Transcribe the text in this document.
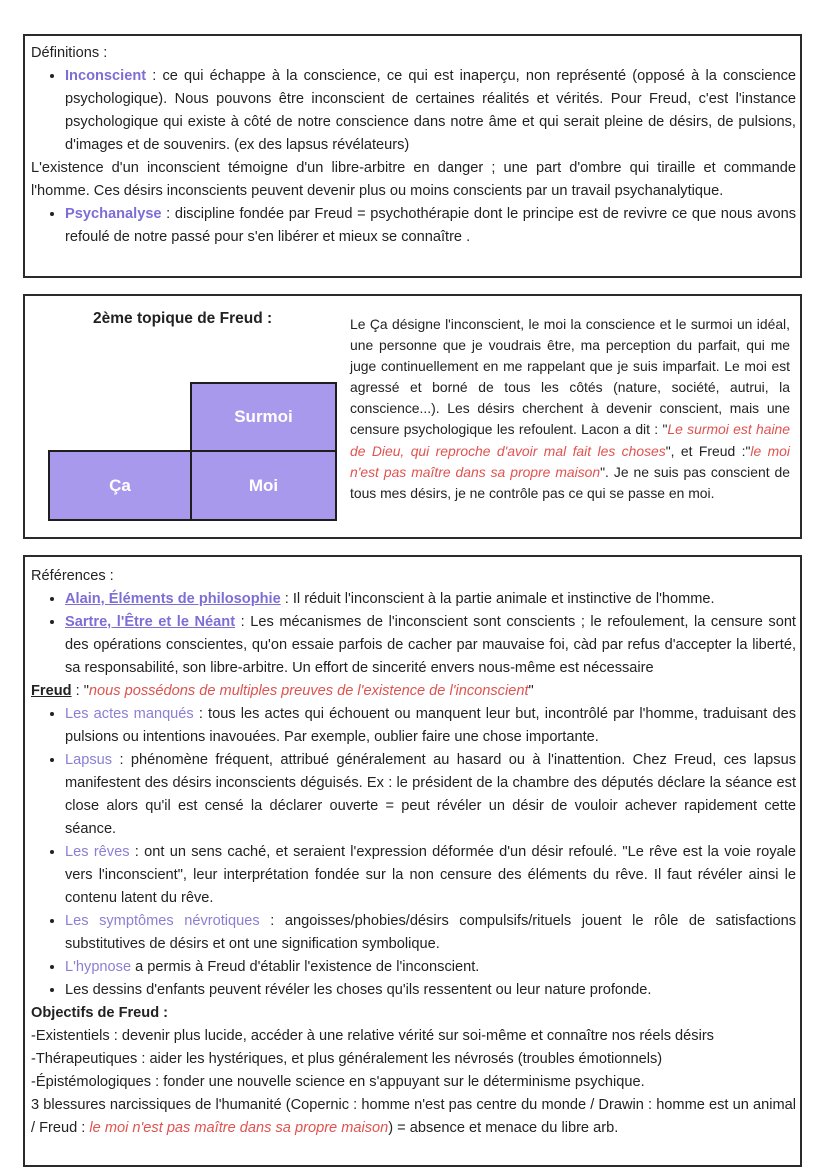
Définitions :
• Inconscient : ce qui échappe à la conscience, ce qui est inaperçu, non représenté (opposé à la conscience psychologique). Nous pouvons être inconscient de certaines réalités et vérités. Pour Freud, c'est l'instance psychologique qui existe à côté de notre conscience dans notre âme et qui serait pleine de désirs, de pulsions, d'images et de souvenirs. (ex des lapsus révélateurs)
L'existence d'un inconscient témoigne d'un libre-arbitre en danger ; une part d'ombre qui tiraille et commande l'homme. Ces désirs inconscients peuvent devenir plus ou moins conscients par un travail psychanalytique.
• Psychanalyse : discipline fondée par Freud = psychothérapie dont le principe est de revivre ce que nous avons refoulé de notre passé pour s'en libérer et mieux se connaître .
2ème topique de Freud :
Surmoi
Ça	Moi
Le Ça désigne l'inconscient, le moi la conscience et le surmoi un idéal, une personne que je voudrais être, ma perception du parfait, qui me juge continuellement en me rappelant que je suis imparfait. Le moi est agressé et borné de tous les côtés (nature, société, autrui, la conscience...). Les désirs cherchent à devenir conscient, mais une censure psychologique les refoulent. Lacon a dit : "Le surmoi est haine de Dieu, qui reproche d'avoir mal fait les choses", et Freud :"le moi n'est pas maître dans sa propre maison". Je ne suis pas conscient de tous mes désirs, je ne contrôle pas ce qui se passe en moi.
Références :
• Alain, Éléments de philosophie : Il réduit l'inconscient à la partie animale et instinctive de l'homme.
• Sartre, l'Être et le Néant : Les mécanismes de l'inconscient sont conscients ; le refoulement, la censure sont des opérations conscientes, qu'on essaie parfois de cacher par mauvaise foi, càd par refus d'accepter la liberté, sa responsabilité, son libre-arbitre. Un effort de sincerité envers nous-même est nécessaire
Freud : "nous possédons de multiples preuves de l'existence de l'inconscient"
• Les actes manqués : tous les actes qui échouent ou manquent leur but, incontrôlé par l'homme, traduisant des pulsions ou intentions inavouées. Par exemple, oublier faire une chose importante.
• Lapsus : phénomène fréquent, attribué généralement au hasard ou à l'inattention. Chez Freud, ces lapsus manifestent des désirs inconscients déguisés. Ex : le président de la chambre des députés déclare la séance est close alors qu'il est censé la déclarer ouverte = peut révéler un désir de vouloir achever rapidement cette séance.
• Les rêves : ont un sens caché, et seraient l'expression déformée d'un désir refoulé. "Le rêve est la voie royale vers l'inconscient", leur interprétation fondée sur la non censure des éléments du rêve. Il faut révéler ainsi le contenu latent du rêve.
• Les symptômes névrotiques : angoisses/phobies/désirs compulsifs/rituels jouent le rôle de satisfactions substitutives de désirs et ont une signification symbolique.
• L'hypnose a permis à Freud d'établir l'existence de l'inconscient.
• Les dessins d'enfants peuvent révéler les choses qu'ils ressentent ou leur nature profonde.
Objectifs de Freud :
-Existentiels : devenir plus lucide, accéder à une relative vérité sur soi-même et connaître nos réels désirs
-Thérapeutiques : aider les hystériques, et plus généralement les névrosés (troubles émotionnels)
-Épistémologiques : fonder une nouvelle science en s'appuyant sur le déterminisme psychique.
3 blessures narcissiques de l'humanité (Copernic : homme n'est pas centre du monde / Drawin : homme est un animal / Freud : le moi n'est pas maître dans sa propre maison) = absence et menace du libre arb.
